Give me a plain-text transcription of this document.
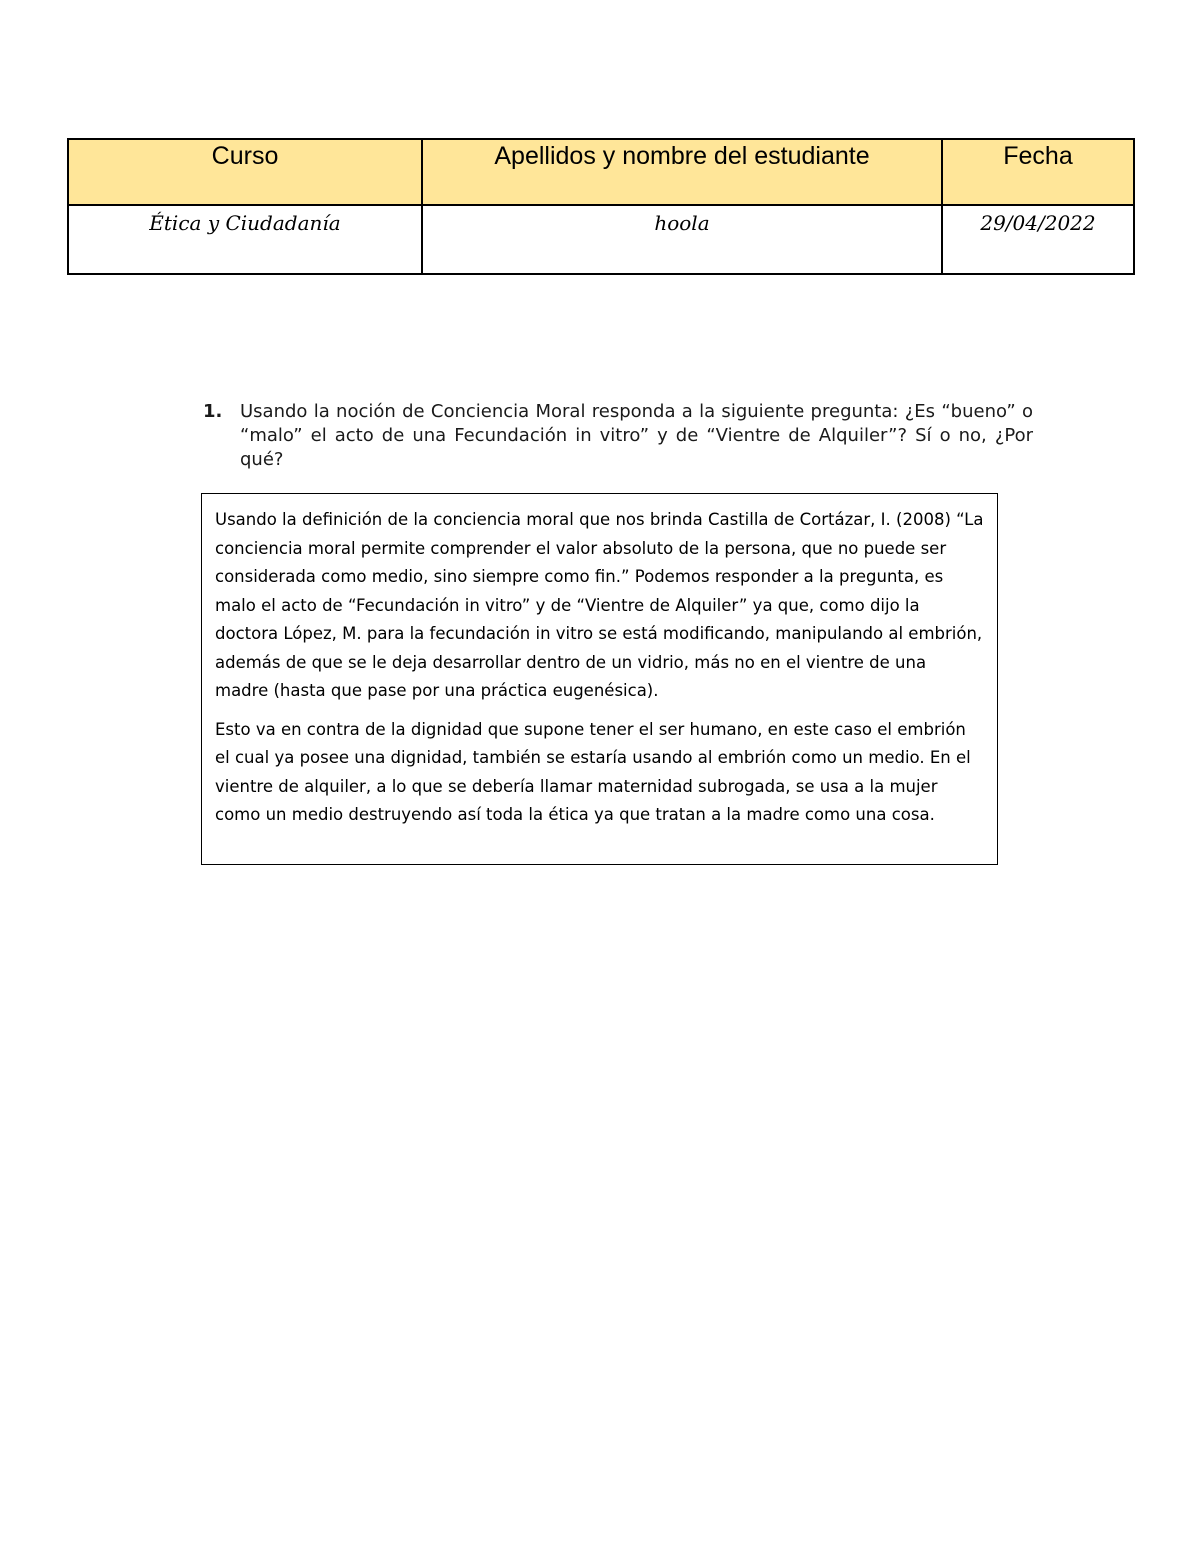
Curso	Apellidos y nombre del estudiante	Fecha
Ética y Ciudadanía	hoola	29/04/2022
1. Usando la noción de Conciencia Moral responda a la siguiente pregunta: ¿Es “bueno” o “malo” el acto de una Fecundación in vitro” y de “Vientre de Alquiler”? Sí o no, ¿Por qué?

Usando la definición de la conciencia moral que nos brinda Castilla de Cortázar, I. (2008) “La conciencia moral permite comprender el valor absoluto de la persona, que no puede ser considerada como medio, sino siempre como fin.” Podemos responder a la pregunta, es malo el acto de “Fecundación in vitro” y de “Vientre de Alquiler” ya que, como dijo la doctora López, M. para la fecundación in vitro se está modificando, manipulando al embrión, además de que se le deja desarrollar dentro de un vidrio, más no en el vientre de una madre (hasta que pase por una práctica eugenésica).

Esto va en contra de la dignidad que supone tener el ser humano, en este caso el embrión el cual ya posee una dignidad, también se estaría usando al embrión como un medio. En el vientre de alquiler, a lo que se debería llamar maternidad subrogada, se usa a la mujer como un medio destruyendo así toda la ética ya que tratan a la madre como una cosa.
